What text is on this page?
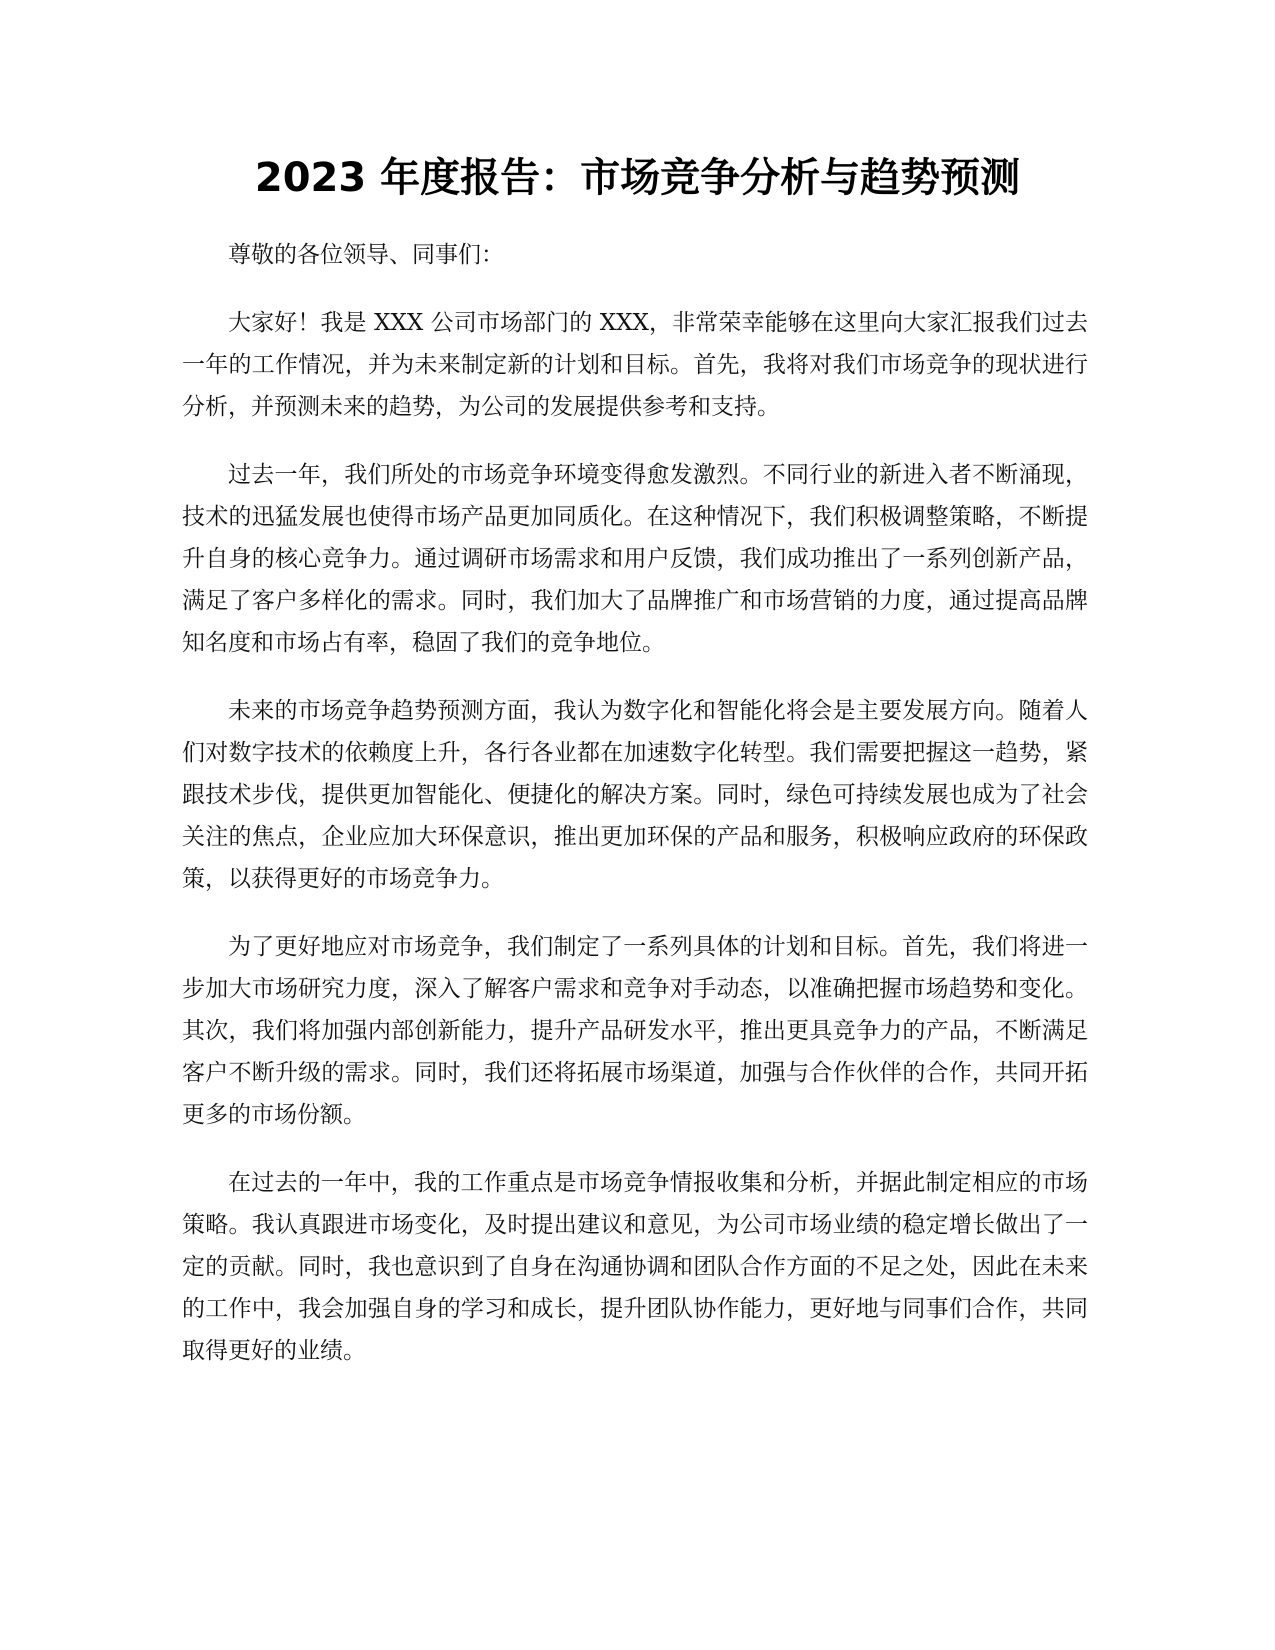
2023 年度报告：市场竞争分析与趋势预测

尊敬的各位领导、同事们：

大家好！我是 XXX 公司市场部门的 XXX，非常荣幸能够在这里向大家汇报我们过去一年的工作情况，并为未来制定新的计划和目标。首先，我将对我们市场竞争的现状进行分析，并预测未来的趋势，为公司的发展提供参考和支持。

过去一年，我们所处的市场竞争环境变得愈发激烈。不同行业的新进入者不断涌现，技术的迅猛发展也使得市场产品更加同质化。在这种情况下，我们积极调整策略，不断提升自身的核心竞争力。通过调研市场需求和用户反馈，我们成功推出了一系列创新产品，满足了客户多样化的需求。同时，我们加大了品牌推广和市场营销的力度，通过提高品牌知名度和市场占有率，稳固了我们的竞争地位。

未来的市场竞争趋势预测方面，我认为数字化和智能化将会是主要发展方向。随着人们对数字技术的依赖度上升，各行各业都在加速数字化转型。我们需要把握这一趋势，紧跟技术步伐，提供更加智能化、便捷化的解决方案。同时，绿色可持续发展也成为了社会关注的焦点，企业应加大环保意识，推出更加环保的产品和服务，积极响应政府的环保政策，以获得更好的市场竞争力。

为了更好地应对市场竞争，我们制定了一系列具体的计划和目标。首先，我们将进一步加大市场研究力度，深入了解客户需求和竞争对手动态，以准确把握市场趋势和变化。其次，我们将加强内部创新能力，提升产品研发水平，推出更具竞争力的产品，不断满足客户不断升级的需求。同时，我们还将拓展市场渠道，加强与合作伙伴的合作，共同开拓更多的市场份额。

在过去的一年中，我的工作重点是市场竞争情报收集和分析，并据此制定相应的市场策略。我认真跟进市场变化，及时提出建议和意见，为公司市场业绩的稳定增长做出了一定的贡献。同时，我也意识到了自身在沟通协调和团队合作方面的不足之处，因此在未来的工作中，我会加强自身的学习和成长，提升团队协作能力，更好地与同事们合作，共同取得更好的业绩。
